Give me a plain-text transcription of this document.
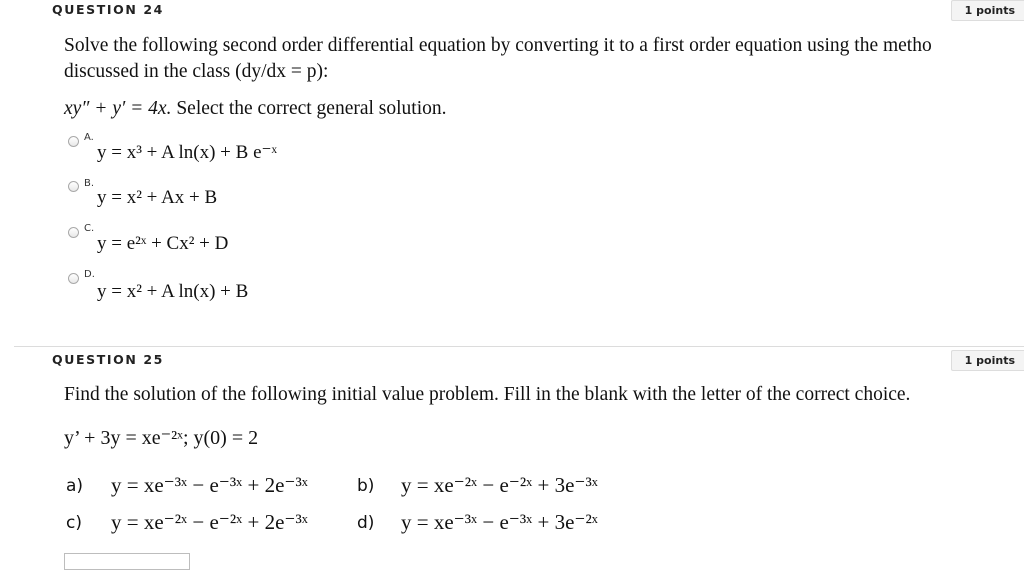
QUESTION 24	1 points
Solve the following second order differential equation by converting it to a first order equation using the metho
discussed in the class (dy/dx = p):
xy″ + y′ = 4x. Select the correct general solution.
A.
y = x³ + A ln(x) + B e⁻ˣ
B.
y = x² + Ax + B
C.
y = e²ˣ + Cx² + D
D.
y = x² + A ln(x) + B
QUESTION 25	1 points
Find the solution of the following initial value problem. Fill in the blank with the letter of the correct choice.
y’ + 3y = xe⁻²ˣ; y(0) = 2
a) y = xe⁻³ˣ − e⁻³ˣ + 2e⁻³ˣ	b) y = xe⁻²ˣ − e⁻²ˣ + 3e⁻³ˣ
c) y = xe⁻²ˣ − e⁻²ˣ + 2e⁻³ˣ	d) y = xe⁻³ˣ − e⁻³ˣ + 3e⁻²ˣ
